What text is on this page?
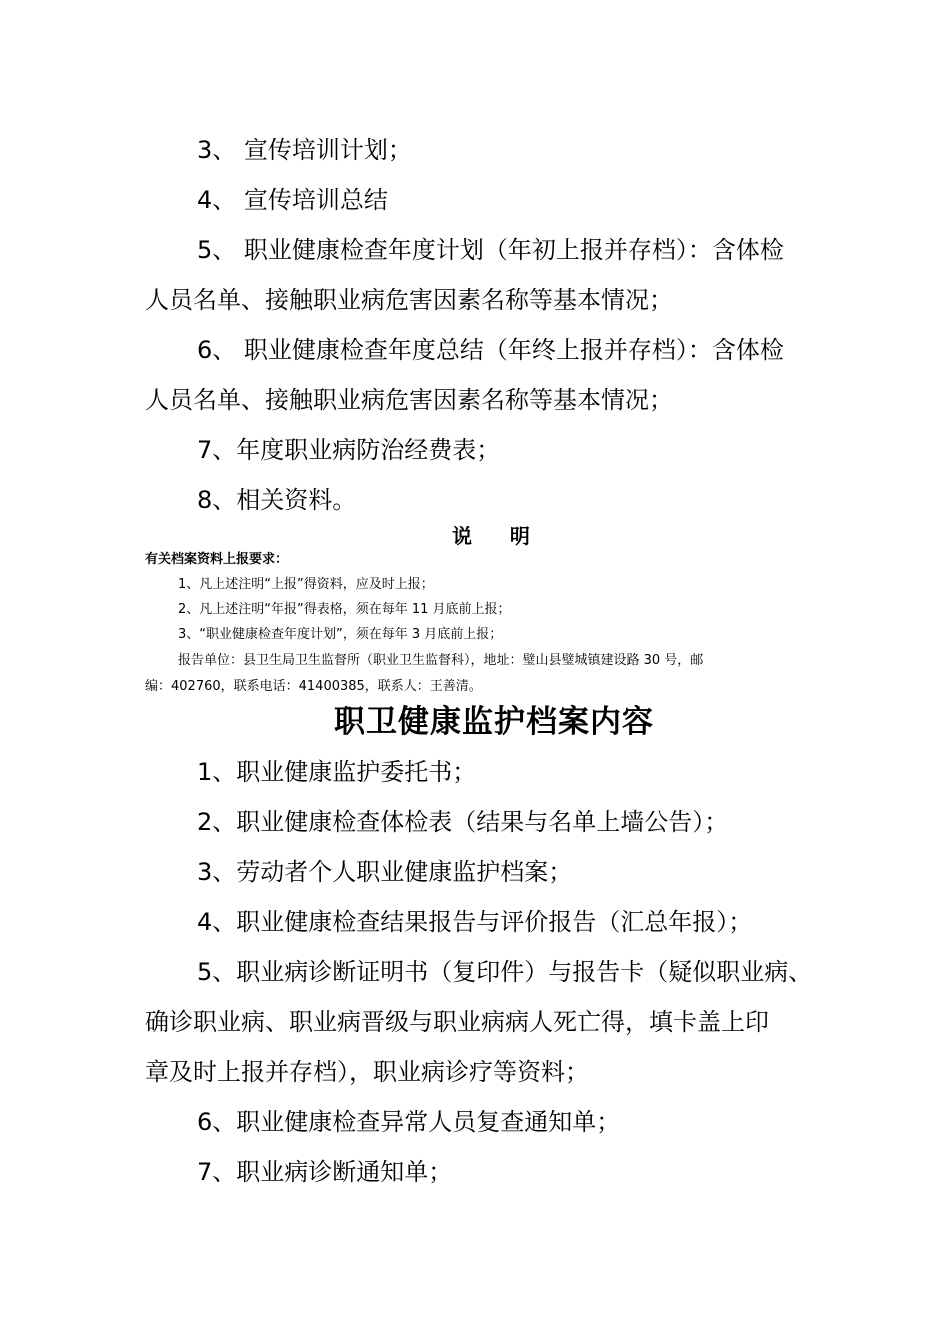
3、 宣传培训计划；
4、 宣传培训总结
5、 职业健康检查年度计划（年初上报并存档）：含体检
人员名单、接触职业病危害因素名称等基本情况；
6、 职业健康检查年度总结（年终上报并存档）：含体检
人员名单、接触职业病危害因素名称等基本情况；
7、年度职业病防治经费表；
8、相关资料。
说    明
有关档案资料上报要求：
1、凡上述注明“上报”得资料，应及时上报；
2、凡上述注明“年报”得表格，须在每年 11 月底前上报；
3、“职业健康检查年度计划”，须在每年 3 月底前上报；
报告单位：县卫生局卫生监督所（职业卫生监督科），地址：璧山县璧城镇建设路 30 号，邮
编：402760，联系电话：41400385，联系人：王善清。
职卫健康监护档案内容
1、职业健康监护委托书；
2、职业健康检查体检表（结果与名单上墙公告）；
3、劳动者个人职业健康监护档案；
4、职业健康检查结果报告与评价报告（汇总年报）；
5、职业病诊断证明书（复印件）与报告卡（疑似职业病、
确诊职业病、职业病晋级与职业病病人死亡得，填卡盖上印
章及时上报并存档），职业病诊疗等资料；
6、职业健康检查异常人员复查通知单；
7、职业病诊断通知单；
